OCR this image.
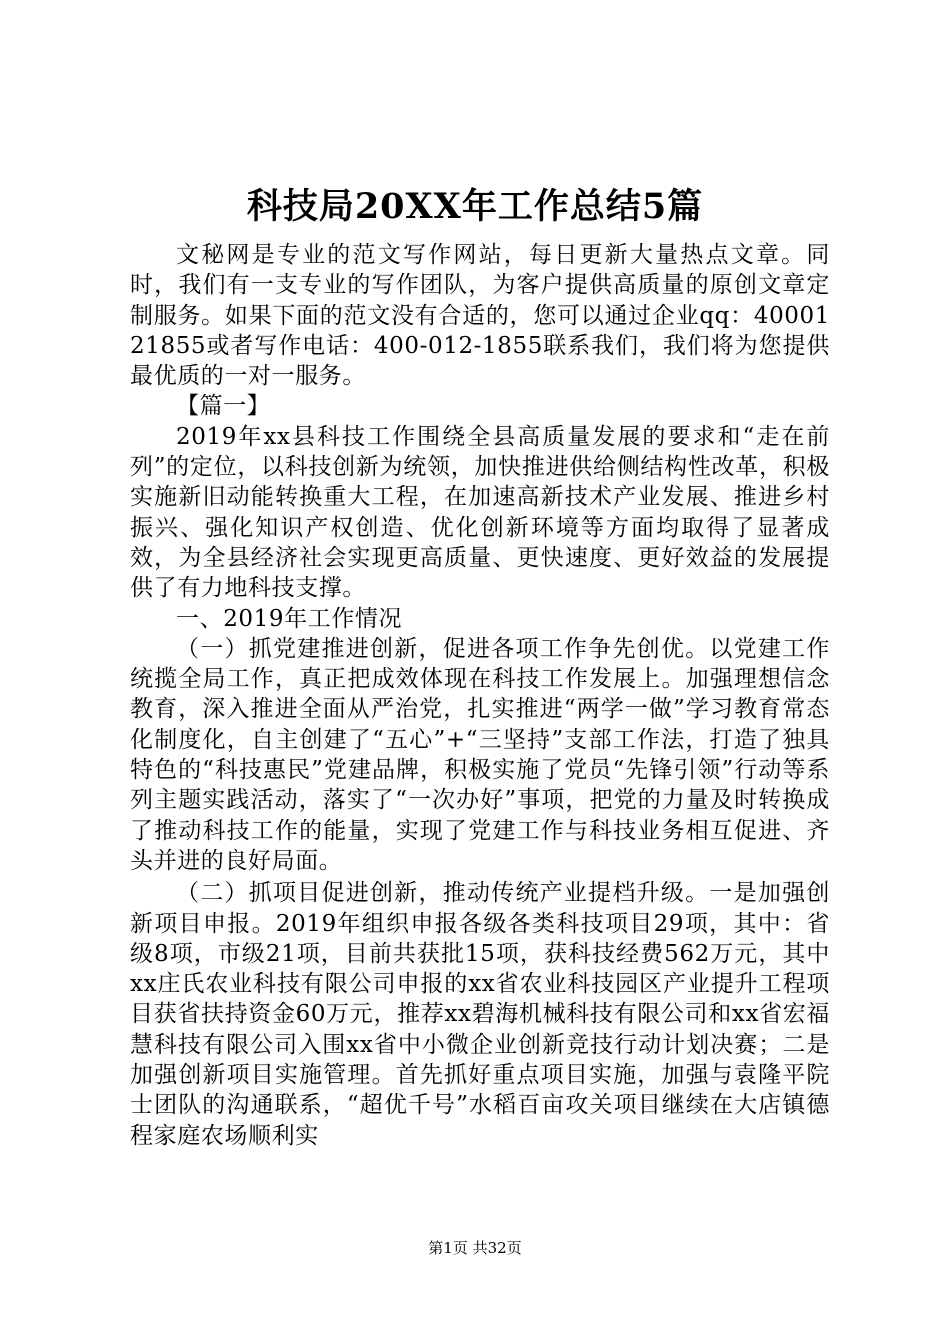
科技局20XX年工作总结5篇

文秘网是专业的范文写作网站，每日更新大量热点文章。同时，我们有一支专业的写作团队，为客户提供高质量的原创文章定制服务。如果下面的范文没有合适的，您可以通过企业qq：4000121855或者写作电话：400-012-1855联系我们，我们将为您提供最优质的一对一服务。

【篇一】

2019年xx县科技工作围绕全县高质量发展的要求和“走在前列”的定位，以科技创新为统领，加快推进供给侧结构性改革，积极实施新旧动能转换重大工程，在加速高新技术产业发展、推进乡村振兴、强化知识产权创造、优化创新环境等方面均取得了显著成效，为全县经济社会实现更高质量、更快速度、更好效益的发展提供了有力地科技支撑。

一、2019年工作情况

（一）抓党建推进创新，促进各项工作争先创优。以党建工作统揽全局工作，真正把成效体现在科技工作发展上。加强理想信念教育，深入推进全面从严治党，扎实推进“两学一做”学习教育常态化制度化，自主创建了“五心”+“三坚持”支部工作法，打造了独具特色的“科技惠民”党建品牌，积极实施了党员“先锋引领”行动等系列主题实践活动，落实了“一次办好”事项，把党的力量及时转换成了推动科技工作的能量，实现了党建工作与科技业务相互促进、齐头并进的良好局面。

（二）抓项目促进创新，推动传统产业提档升级。一是加强创新项目申报。2019年组织申报各级各类科技项目29项，其中：省级8项，市级21项，目前共获批15项，获科技经费562万元，其中xx庄氏农业科技有限公司申报的xx省农业科技园区产业提升工程项目获省扶持资金60万元，推荐xx碧海机械科技有限公司和xx省宏福慧科技有限公司入围xx省中小微企业创新竞技行动计划决赛；二是加强创新项目实施管理。首先抓好重点项目实施，加强与袁隆平院士团队的沟通联系，“超优千号”水稻百亩攻关项目继续在大店镇德程家庭农场顺利实

第1页 共32页
